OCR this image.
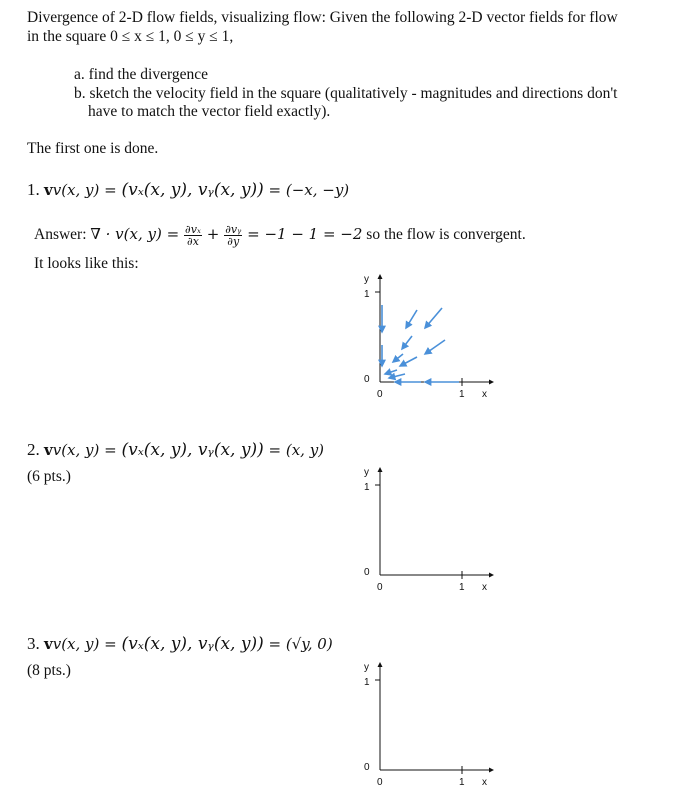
Divergence of 2-D flow fields, visualizing flow: Given the following 2-D vector fields for flow
in the square 0 ≤ x ≤ 1, 0 ≤ y ≤ 1,
a. find the divergence
b. sketch the velocity field in the square (qualitatively - magnitudes and directions don't
have to match the vector field exactly).
The first one is done.
1. vv(x, y) = (vₓ(x, y), vᵧ(x, y)) = (−x, −y)
Answer: ∇ · v(x, $y) = \frac{\text{∂vₓ}}{\partial x} + \frac{\text{∂vᵧ}}{\partial y} = -1 - 1 = -2$ so the flow is convergent.
It looks like this:
y
1
0
0	1 x
2. vv(x, y) = (vₓ(x, y), vᵧ(x, y)) = (x, y)
(6 pts.)	y
1
0
0	1 x
3. vv(x, y) = (vₓ(x, y), vᵧ(x, y)) = (√y, 0)
(8 pts.)	y
1
0
0	1 x
